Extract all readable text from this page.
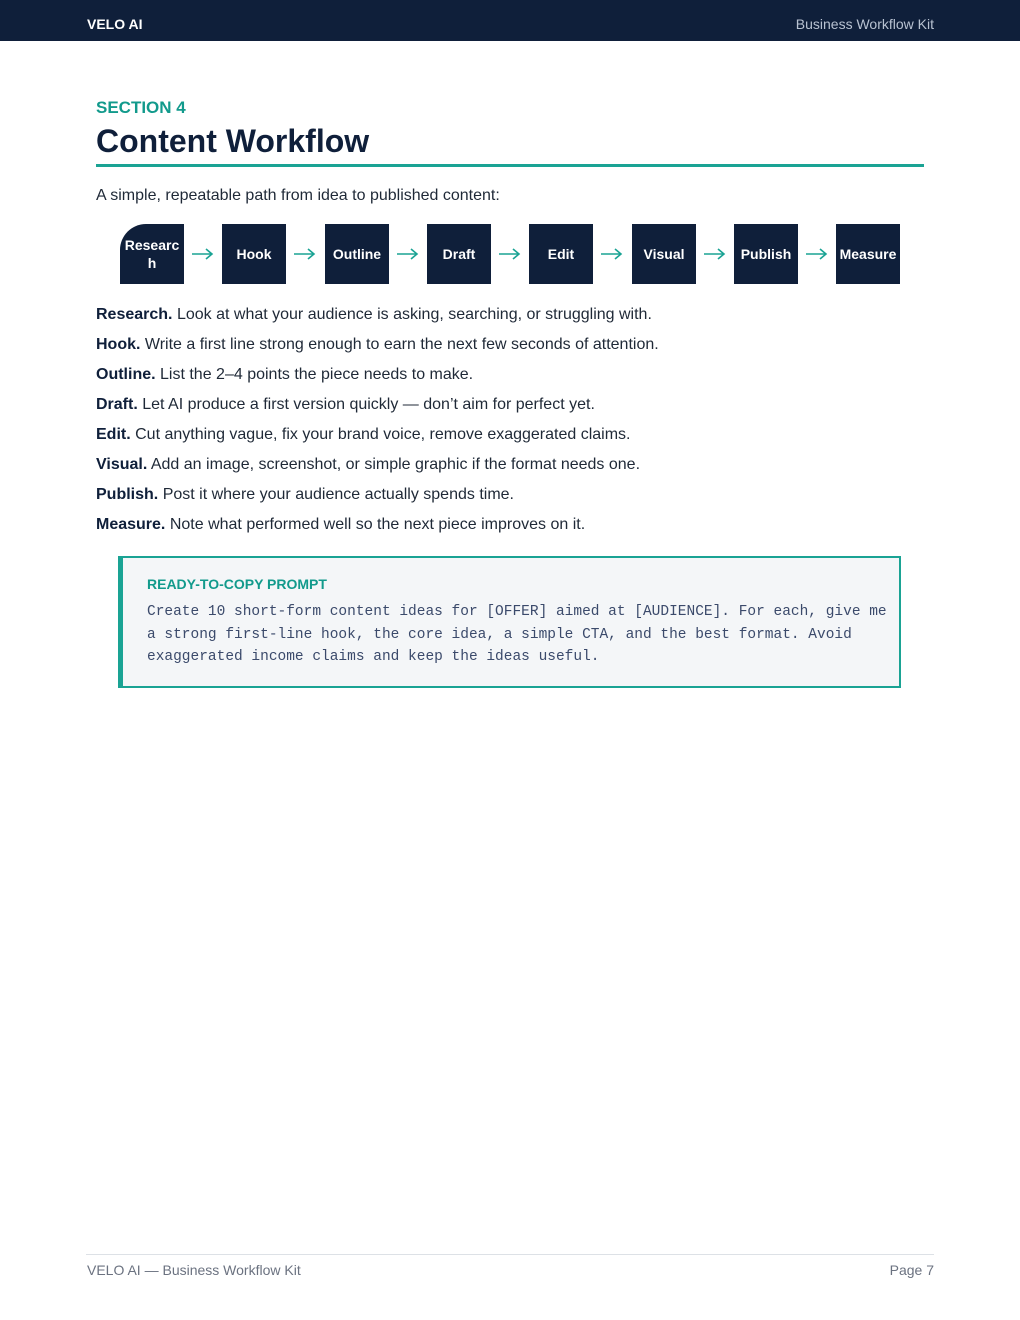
VELO AI	Business Workflow Kit
SECTION 4
Content Workflow

A simple, repeatable path from idea to published content:

Research
Hook	Outline	Draft	Edit	Visual	Publish	Measure

Research. Look at what your audience is asking, searching, or struggling with.

Hook. Write a first line strong enough to earn the next few seconds of attention.

Outline. List the 2–4 points the piece needs to make.

Draft. Let AI produce a first version quickly — don’t aim for perfect yet.

Edit. Cut anything vague, fix your brand voice, remove exaggerated claims.

Visual. Add an image, screenshot, or simple graphic if the format needs one.

Publish. Post it where your audience actually spends time.

Measure. Note what performed well so the next piece improves on it.

READY-TO-COPY PROMPT
Create 10 short-form content ideas for [OFFER] aimed at [AUDIENCE]. For each, give me a strong first-line hook, the core idea, a simple CTA, and the best format. Avoid exaggerated income claims and keep the ideas useful.
VELO AI — Business Workflow Kit	Page 7
